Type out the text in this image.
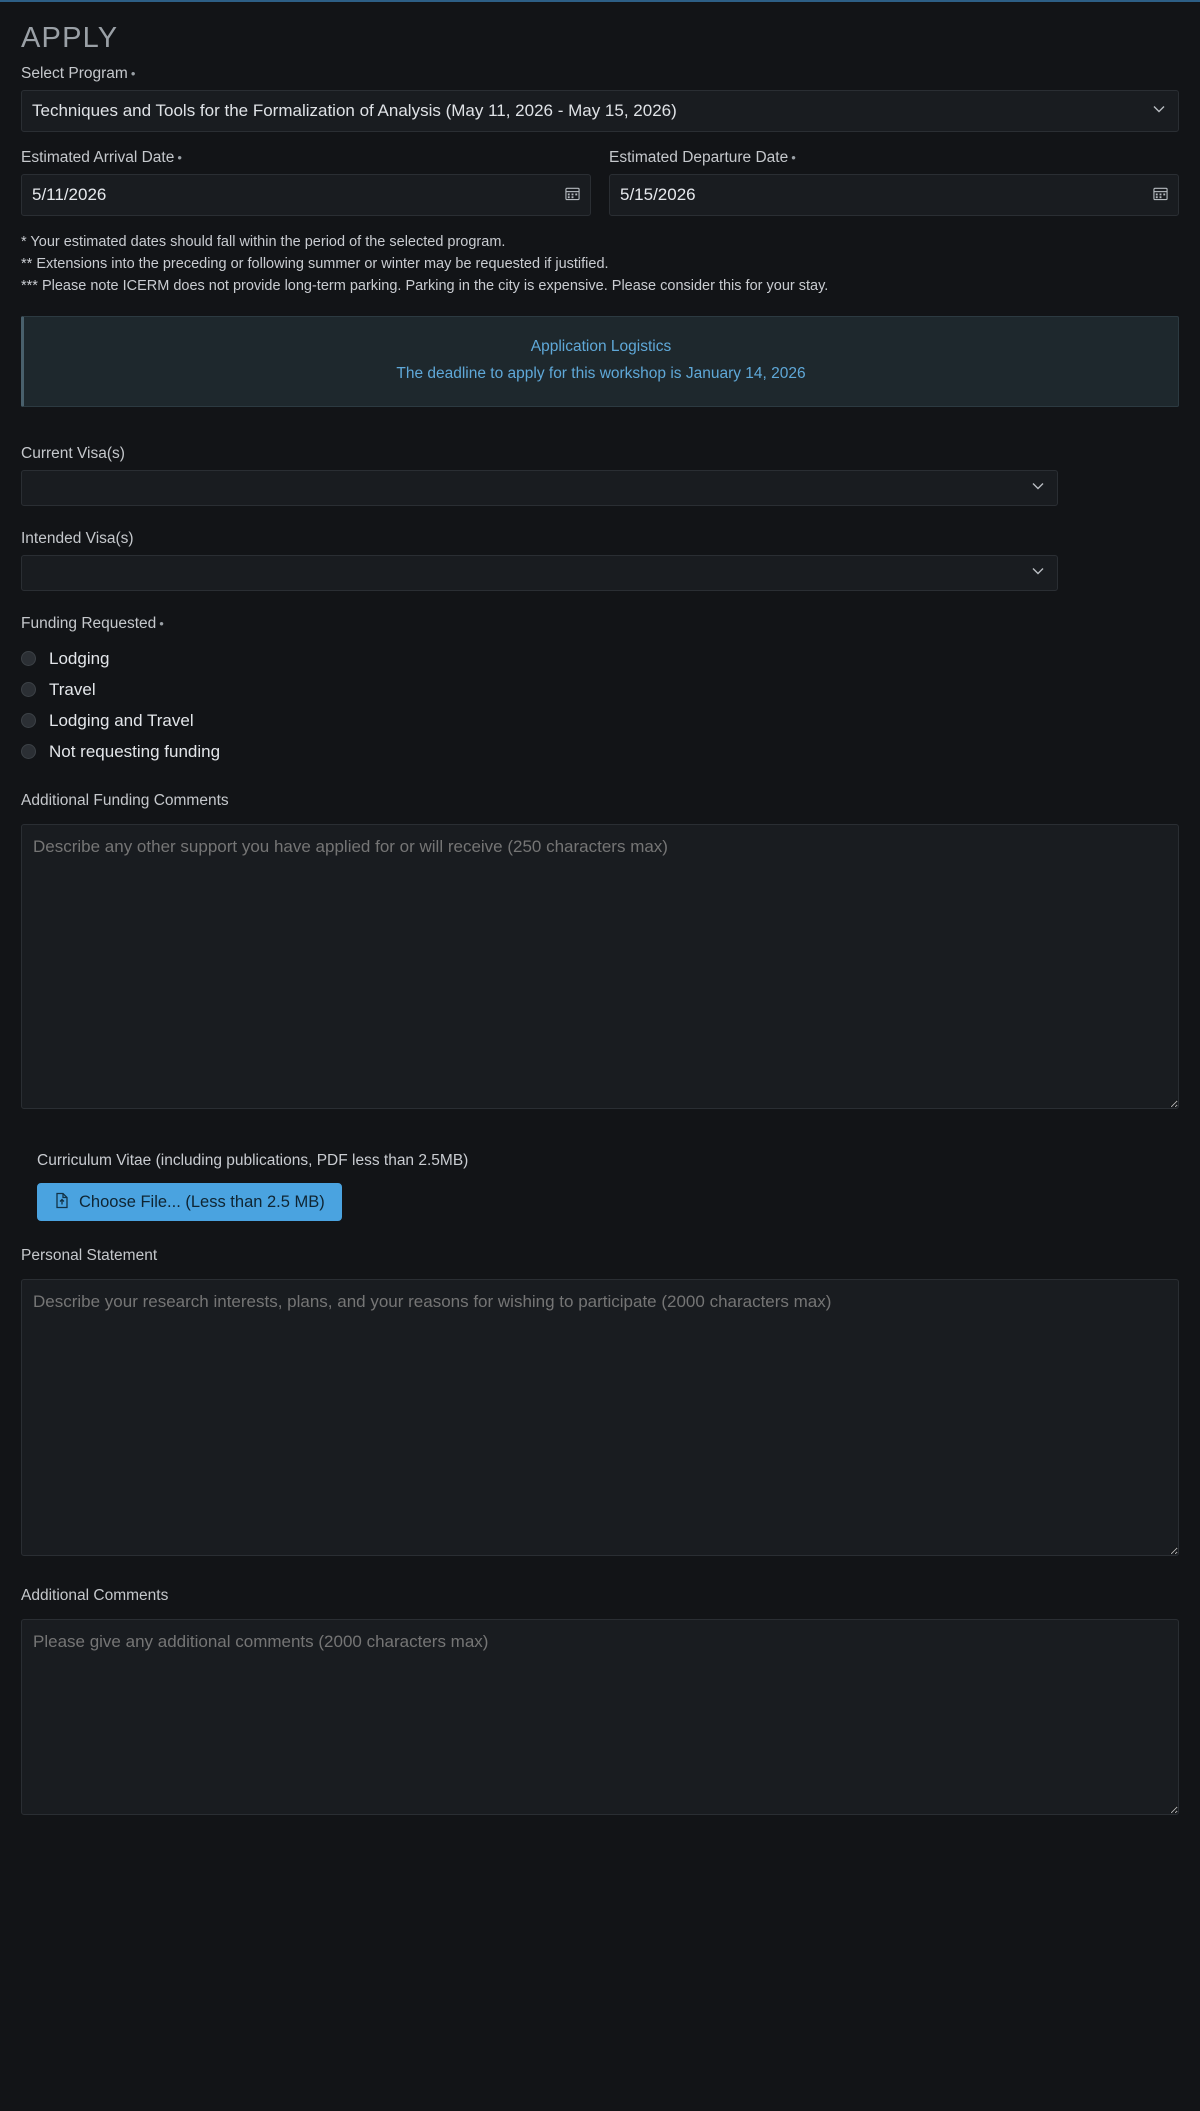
APPLY
Select Program •
Techniques and Tools for the Formalization of Analysis (May 11, 2026 - May 15, 2026)
Estimated Arrival Date •
5/11/2026
Estimated Departure Date •
5/15/2026
* Your estimated dates should fall within the period of the selected program.
** Extensions into the preceding or following summer or winter may be requested if justified.
*** Please note ICERM does not provide long-term parking. Parking in the city is expensive. Please consider this for your stay.
Application Logistics
The deadline to apply for this workshop is January 14, 2026
Current Visa(s)
Intended Visa(s)
Funding Requested •
Lodging
Travel
Lodging and Travel
Not requesting funding
Additional Funding Comments
Describe any other support you have applied for or will receive (250 characters max)
Curriculum Vitae (including publications, PDF less than 2.5MB)
Choose File... (Less than 2.5 MB)
Personal Statement
Describe your research interests, plans, and your reasons for wishing to participate (2000 characters max)
Additional Comments
Please give any additional comments (2000 characters max)
